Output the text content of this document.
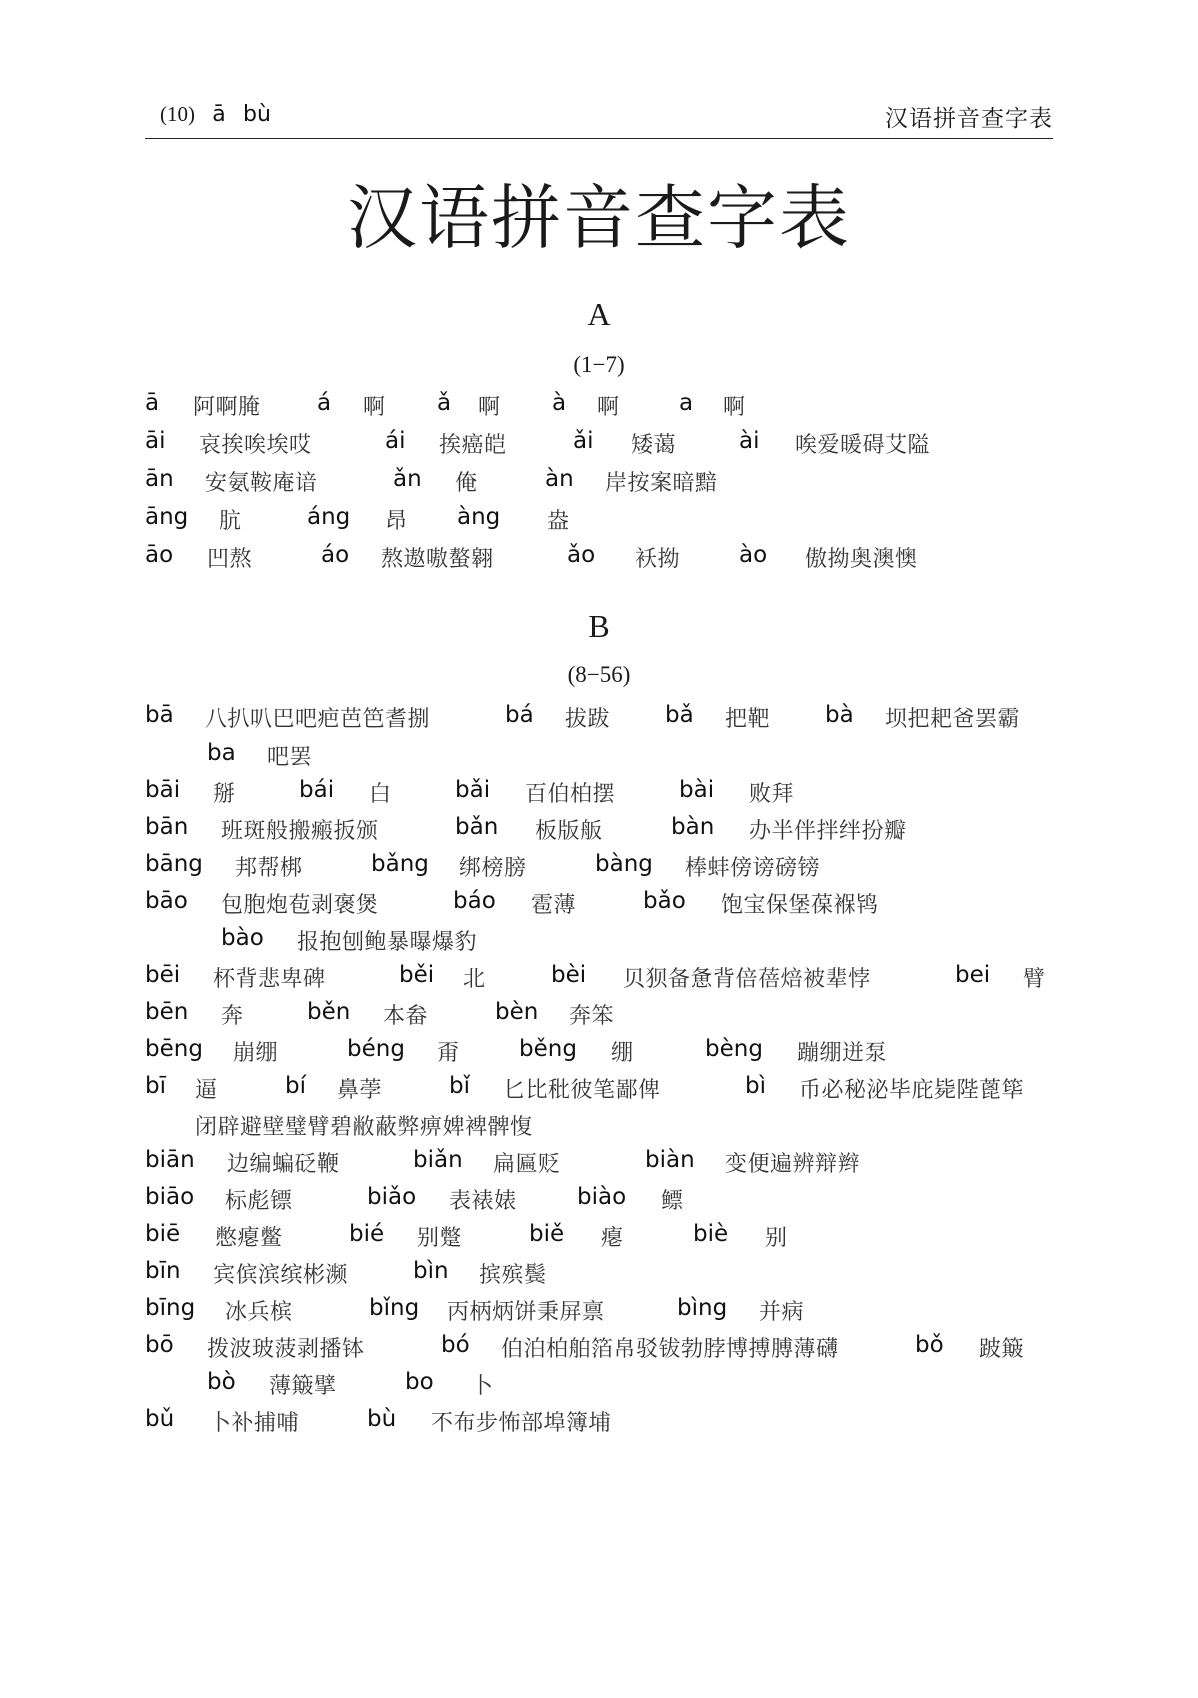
(10) ā bù	汉语拼音查字表
汉语拼音查字表
A
(1−7)
ā 阿啊腌 á 啊 ǎ 啊 à 啊	a 啊
āi 哀挨唉埃哎	ái 挨癌皑	ǎi 矮蔼	ài 唉爱暖碍艾隘
ān 安氨鞍庵谙	ǎn 俺	àn 岸按案暗黯
āng 肮	áng 昂 àng 盎
āo 凹熬	áo 熬遨嗷螯翱	ǎo 袄拗	ào 傲拗奥澳懊
B
(8−56)
bā 八扒叭巴吧疤芭笆耆捌	bá 拔跋 bǎ 把靶 bà 坝把耙爸罢霸
ba 吧罢
bāi 掰	bái 白	bǎi 百伯柏摆	bài 败拜
bān 班斑般搬瘢扳颁	bǎn 板版舨	bàn 办半伴拌绊扮瓣
bāng 邦帮梆	bǎng 绑榜膀	bàng 棒蚌傍谤磅镑
bāo 包胞炮苞剥褒煲	báo 雹薄	bǎo 饱宝保堡葆褓鸨
bào 报抱刨鲍暴曝爆豹
bēi 杯背悲卑碑	běi 北	bèi 贝狈备惫背倍蓓焙被辈悖	bei 臂
bēn 奔	běn 本畚	bèn 奔笨
bēng 崩绷	béng 甭	běng 绷	bèng 蹦绷迸泵
bī 逼	bí 鼻荸	bǐ 匕比秕彼笔鄙俾	bì 币必秘泌毕庇毙陛蓖筚
闭辟避壁璧臂碧敝蔽弊痹婢裨髀愎
biān 边编蝙砭鞭	biǎn 扁匾贬	biàn 变便遍辨辩辫
biāo 标彪镖	biǎo 表裱婊	biào 鳔
biē 憋瘪鳖	bié 别蹩	biě 瘪	biè 别
bīn 宾傧滨缤彬濒	bìn 摈殡鬓
bīng 冰兵槟	bǐng 丙柄炳饼秉屏禀	bìng 并病
bō 拨波玻菠剥播钵	bó 伯泊柏舶箔帛驳钹勃脖博搏膊薄礴	bǒ 跛簸
bò 薄簸擘	bo 卜
bǔ 卜补捕哺	bù 不布步怖部埠簿埔
